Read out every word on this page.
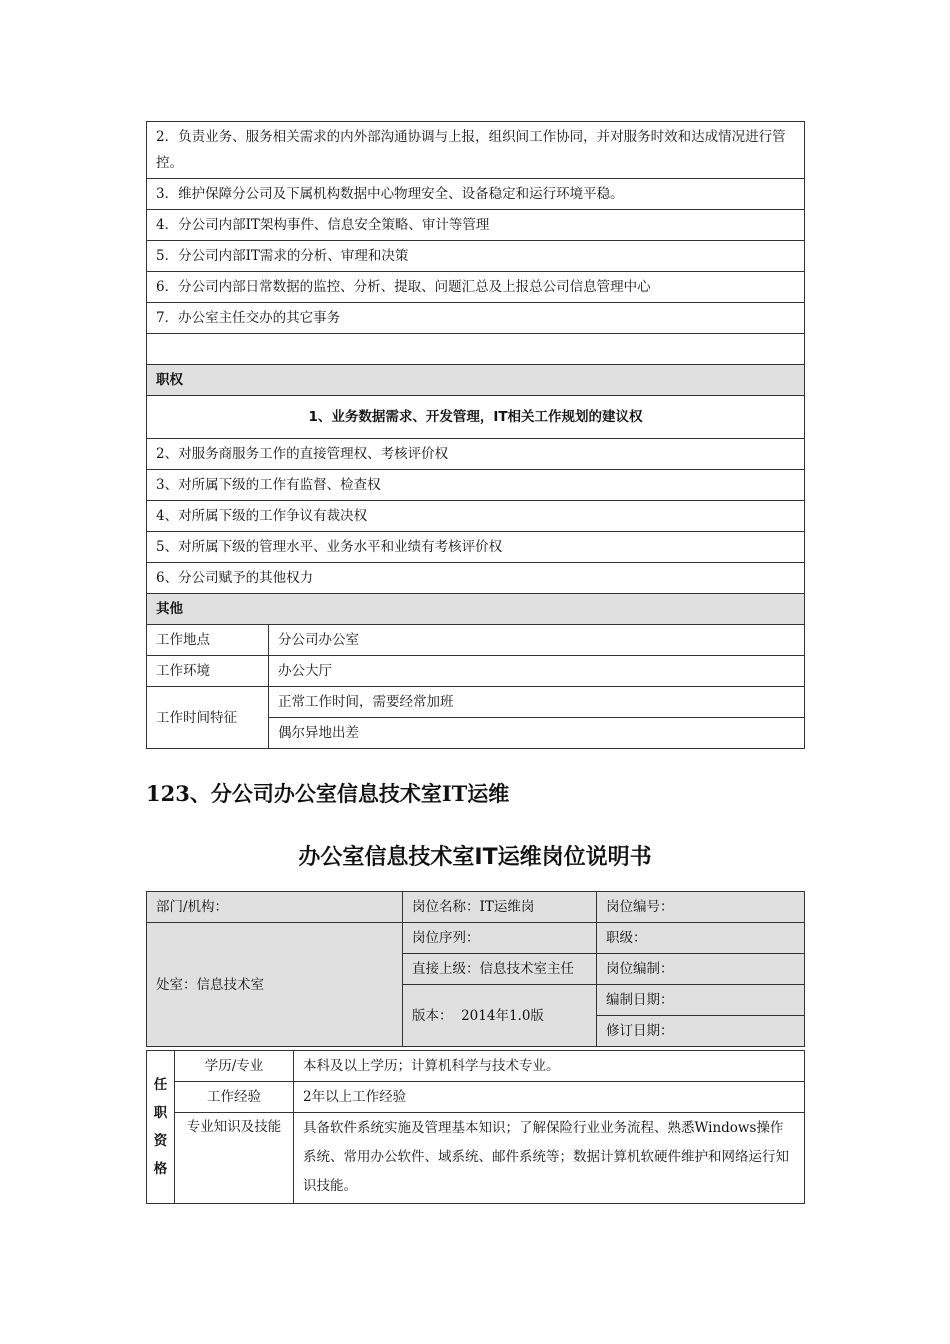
2．负责业务、服务相关需求的内外部沟通协调与上报，组织间工作协同，并对服务时效和达成情况进行管控。	
3．维护保障分公司及下属机构数据中心物理安全、设备稳定和运行环境平稳。	
4．分公司内部IT架构事件、信息安全策略、审计等管理	
5．分公司内部IT需求的分析、审理和决策	
6．分公司内部日常数据的监控、分析、提取、问题汇总及上报总公司信息管理中心	
7．办公室主任交办的其它事务	

职权	
1、业务数据需求、开发管理，IT相关工作规划的建议权	
2、对服务商服务工作的直接管理权、考核评价权	
3、对所属下级的工作有监督、检查权	
4、对所属下级的工作争议有裁决权	
5、对所属下级的管理水平、业务水平和业绩有考核评价权	
6、分公司赋予的其他权力	
其他	
工作地点	分公司办公室
工作环境	办公大厅
工作时间特征	正常工作时间，需要经常加班
	偶尔异地出差
123、分公司办公室信息技术室IT运维
办公室信息技术室IT运维岗位说明书
部门/机构：	岗位名称：IT运维岗	岗位编号：
处室：信息技术室	岗位序列：	职级：
	直接上级：信息技术室主任	岗位编制：
	版本：  2014年1.0版	编制日期：
		修订日期：
任
职
资
格	学历/专业	本科及以上学历；计算机科学与技术专业。
	工作经验	2年以上工作经验
	专业知识及技能	具备软件系统实施及管理基本知识；了解保险行业业务流程、熟悉Windows操作系统、常用办公软件、域系统、邮件系统等；数据计算机软硬件维护和网络运行知识技能。
